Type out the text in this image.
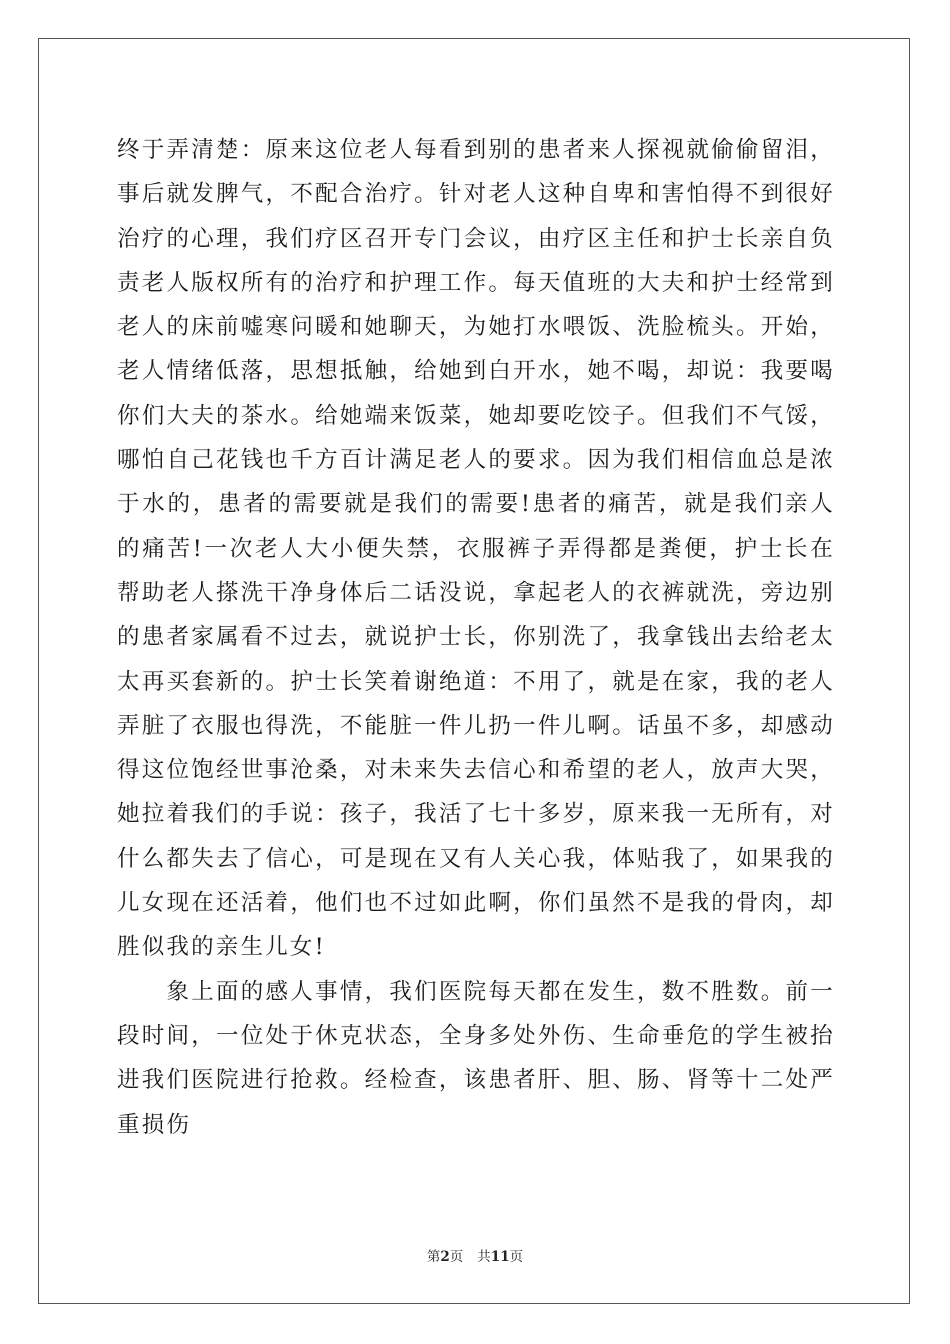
终于弄清楚：原来这位老人每看到别的患者来人探视就偷偷留泪，事后就发脾气，不配合治疗。针对老人这种自卑和害怕得不到很好治疗的心理，我们疗区召开专门会议，由疗区主任和护士长亲自负责老人版权所有的治疗和护理工作。每天值班的大夫和护士经常到老人的床前嘘寒问暖和她聊天，为她打水喂饭、洗脸梳头。开始，老人情绪低落，思想抵触，给她到白开水，她不喝，却说：我要喝你们大夫的茶水。给她端来饭菜，她却要吃饺子。但我们不气馁，哪怕自己花钱也千方百计满足老人的要求。因为我们相信血总是浓于水的，患者的需要就是我们的需要!患者的痛苦，就是我们亲人的痛苦!一次老人大小便失禁，衣服裤子弄得都是粪便，护士长在帮助老人搽洗干净身体后二话没说，拿起老人的衣裤就洗，旁边别的患者家属看不过去，就说护士长，你别洗了，我拿钱出去给老太太再买套新的。护士长笑着谢绝道：不用了，就是在家，我的老人弄脏了衣服也得洗，不能脏一件儿扔一件儿啊。话虽不多，却感动得这位饱经世事沧桑，对未来失去信心和希望的老人，放声大哭，她拉着我们的手说：孩子，我活了七十多岁，原来我一无所有，对什么都失去了信心，可是现在又有人关心我，体贴我了，如果我的儿女现在还活着，他们也不过如此啊，你们虽然不是我的骨肉，却胜似我的亲生儿女!

象上面的感人事情，我们医院每天都在发生，数不胜数。前一段时间，一位处于休克状态，全身多处外伤、生命垂危的学生被抬进我们医院进行抢救。经检查，该患者肝、胆、肠、肾等十二处严重损伤

第2页 共11页
